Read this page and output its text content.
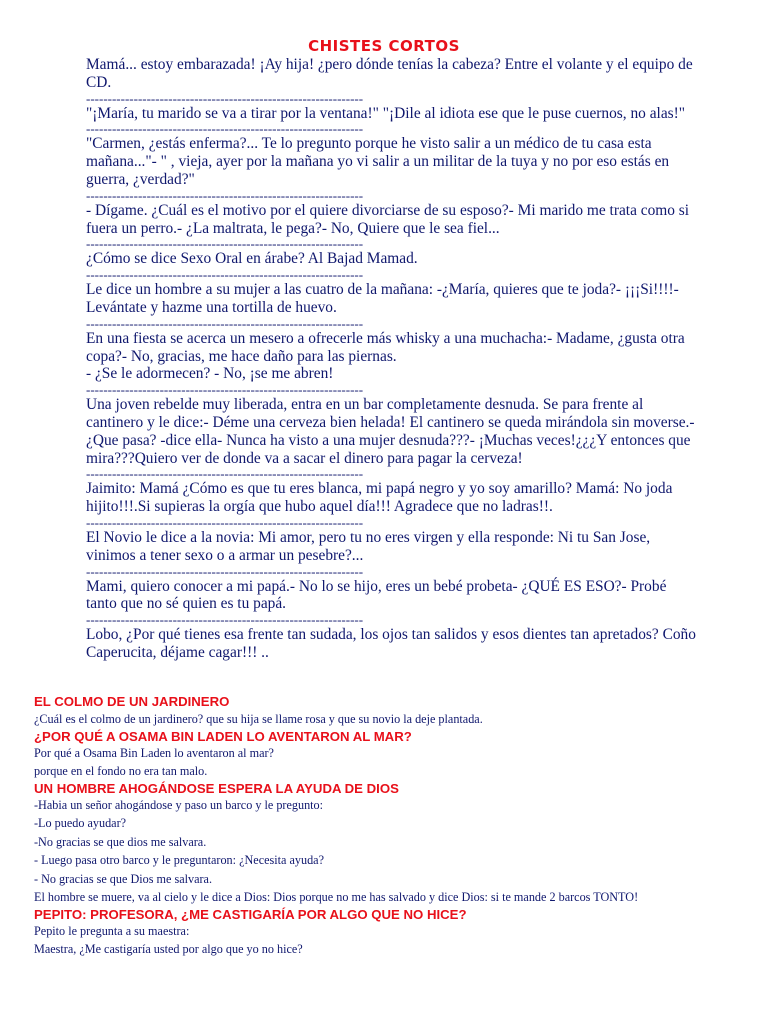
CHISTES CORTOS

Mamá... estoy embarazada! ¡Ay hija! ¿pero dónde tenías la cabeza? Entre el volante y el equipo de CD.

----------------------------------------------------------------

"¡María, tu marido se va a tirar por la ventana!" "¡Dile al idiota ese que le puse cuernos, no alas!"

----------------------------------------------------------------

"Carmen, ¿estás enferma?... Te lo pregunto porque he visto salir a un médico de tu casa esta mañana..."- " , vieja, ayer por la mañana yo vi salir a un militar de la tuya y no por eso estás en guerra, ¿verdad?"

----------------------------------------------------------------

- Dígame. ¿Cuál es el motivo por el quiere divorciarse de su esposo?- Mi marido me trata como si fuera un perro.- ¿La maltrata, le pega?- No, Quiere que le sea fiel...

----------------------------------------------------------------

¿Cómo se dice Sexo Oral en árabe? Al Bajad Mamad.

----------------------------------------------------------------

Le dice un hombre a su mujer a las cuatro de la mañana: -¿María, quieres que te joda?- ¡¡¡Si!!!!- Levántate y hazme una tortilla de huevo.

----------------------------------------------------------------

En una fiesta se acerca un mesero a ofrecerle más whisky a una muchacha:- Madame, ¿gusta otra copa?- No, gracias, me hace daño para las piernas.
- ¿Se le adormecen? - No, ¡se me abren!

----------------------------------------------------------------

Una joven rebelde muy liberada, entra en un bar completamente desnuda. Se para frente al cantinero y le dice:- Déme una cerveza bien helada! El cantinero se queda mirándola sin moverse.- ¿Que pasa? -dice ella- Nunca ha visto a una mujer desnuda???- ¡Muchas veces!¿¿¿Y entonces que mira???Quiero ver de donde va a sacar el dinero para pagar la cerveza!

----------------------------------------------------------------

Jaimito: Mamá ¿Cómo es que tu eres blanca, mi papá negro y yo soy amarillo? Mamá: No joda hijito!!!.Si supieras la orgía que hubo aquel día!!! Agradece que no ladras!!.

----------------------------------------------------------------

El Novio le dice a la novia: Mi amor, pero tu no eres virgen y ella responde: Ni tu San Jose, vinimos a tener sexo o a armar un pesebre?...

----------------------------------------------------------------

Mami, quiero conocer a mi papá.- No lo se hijo, eres un bebé probeta- ¿QUÉ ES ESO?- Probé tanto que no sé quien es tu papá.

----------------------------------------------------------------

Lobo, ¿Por qué tienes esa frente tan sudada, los ojos tan salidos y esos dientes tan apretados? Coño Caperucita, déjame cagar!!! ..

EL COLMO DE UN JARDINERO
¿Cuál es el colmo de un jardinero? que su hija se llame rosa y que su novio la deje plantada.
¿POR QUÉ A OSAMA BIN LADEN LO AVENTARON AL MAR?
Por qué a Osama Bin Laden lo aventaron al mar?
porque en el fondo no era tan malo.
UN HOMBRE AHOGÁNDOSE ESPERA LA AYUDA DE DIOS
-Habia un señor ahogándose y paso un barco y le pregunto:
-Lo puedo ayudar?
-No gracias se que dios me salvara.
- Luego pasa otro barco y le preguntaron: ¿Necesita ayuda?
- No gracias se que Dios me salvara.
El hombre se muere, va al cielo y le dice a Dios: Dios porque no me has salvado y dice Dios: si te mande 2 barcos TONTO!
PEPITO: PROFESORA, ¿ME CASTIGARÍA POR ALGO QUE NO HICE?
Pepito le pregunta a su maestra:
Maestra, ¿Me castigaría usted por algo que yo no hice?
